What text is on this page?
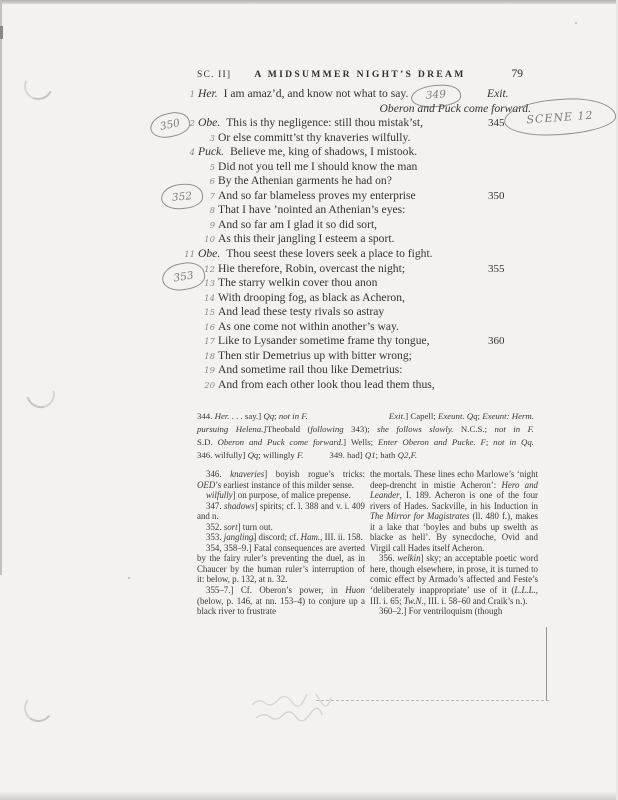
SC. II]	A MIDSUMMER NIGHT’S DREAM	79
1 Her. I am amaz’d, and know not what to say.	349	Exit.
Oberon and Puck come forward.
2 Obe. This is thy negligence: still thou mistak’st,	345
3 Or else committ’st thy knaveries wilfully.
4 Puck. Believe me, king of shadows, I mistook.
5 Did not you tell me I should know the man
6 By the Athenian garments he had on?
7 And so far blameless proves my enterprise	350
8 That I have ’nointed an Athenian’s eyes:
9 And so far am I glad it so did sort,
10 As this their jangling I esteem a sport.
11 Obe. Thou seest these lovers seek a place to fight.
12 Hie therefore, Robin, overcast the night;	355
13 The starry welkin cover thou anon
14 With drooping fog, as black as Acheron,
15 And lead these testy rivals so astray
16 As one come not within another’s way.
17 Like to Lysander sometime frame thy tongue,	360
18 Then stir Demetrius up with bitter wrong;
19 And sometime rail thou like Demetrius:
20 And from each other look thou lead them thus,
SCENE 12
350
352
353
344. Her. . . . say.] Qq; not in F.	Exit.] Capell; Exeunt. Qq; Exeunt: Herm.
pursuing Helena.]Theobald (following 343); she follows slowly. N.C.S.; not in F.
S.D. Oberon and Puck come forward.] Wells; Enter Oberon and Pucke. F; not in Qq.
346. wilfully] Qq; willingly F.	349. had] Q1; hath Q2,F.
346. knaveries] boyish rogue’s tricks: OED’s earliest instance of this milder sense.
wilfully] on purpose, of malice prepense.
347. shadows] spirits; cf. l. 388 and v. i. 409 and n.
352. sort] turn out.
353. jangling] discord; cf. Ham., III. ii. 158.
354, 358–9.] Fatal consequences are averted by the fairy ruler’s preventing the duel, as in Chaucer by the human ruler’s interruption of it: below, p. 132, at n. 32.
355–7.] Cf. Oberon’s power, in Huon (below, p. 146, at nn. 153–4) to conjure up a black river to frustrate
the mortals. These lines echo Marlowe’s ‘night deep-drencht in mistie Acheron’: Hero and Leander, I. 189. Acheron is one of the four rivers of Hades. Sackville, in his Induction in The Mirror for Magistrates (ll. 480 f.), makes it a lake that ‘boyles and bubs up swelth as blacke as hell’. By synecdoche, Ovid and Virgil call Hades itself Acheron.
356. welkin] sky; an acceptable poetic word here, though elsewhere, in prose, it is turned to comic effect by Armado’s affected and Feste’s ‘deliberately inappropriate’ use of it (L.L.L., III. i. 65; Tw.N., III. i. 58–60 and Craik’s n.).
360–2.] For ventriloquism (though
